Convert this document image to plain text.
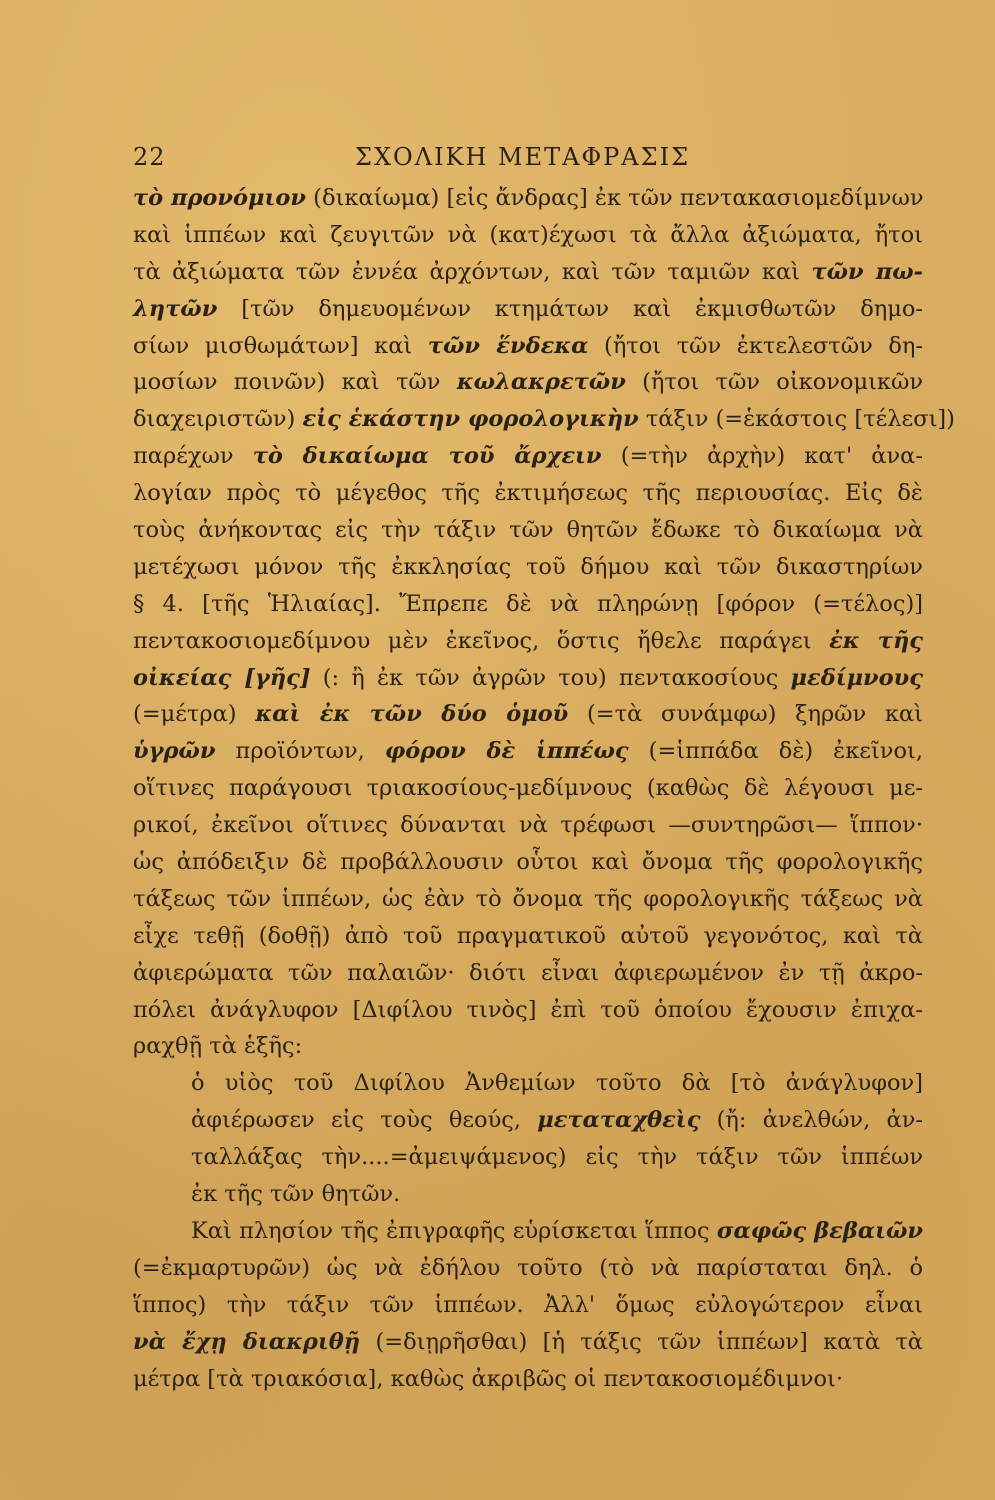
22	ΣΧΟΛΙΚΗ ΜΕΤΑΦΡΑΣΙΣ
τὸ προνόμιον (δικαίωμα) [εἰς ἄνδρας] ἐκ τῶν πεντακασιομεδίμνων
καὶ ἱππέων καὶ ζευγιτῶν νὰ (κατ)έχωσι τὰ ἄλλα ἀξιώματα, ἤτοι
τὰ ἀξιώματα τῶν ἐννέα ἀρχόντων, καὶ τῶν ταμιῶν καὶ τῶν πω-
λητῶν [τῶν δημευομένων κτημάτων καὶ ἐκμισθωτῶν δημο-
σίων μισθωμάτων] καὶ τῶν ἕνδεκα (ἤτοι τῶν ἐκτελεστῶν δη-
μοσίων ποινῶν) καὶ τῶν κωλακρετῶν (ἤτοι τῶν οἰκονομικῶν
διαχειριστῶν) εἰς ἑκάστην φορολογικὴν τάξιν (=ἑκάστοις [τέλεσι])
παρέχων τὸ δικαίωμα τοῦ ἄρχειν (=τὴν ἀρχὴν) κατ' ἀνα-
λογίαν πρὸς τὸ μέγεθος τῆς ἐκτιμήσεως τῆς περιουσίας. Εἰς δὲ
τοὺς ἀνήκοντας εἰς τὴν τάξιν τῶν θητῶν ἔδωκε τὸ δικαίωμα νὰ
μετέχωσι μόνον τῆς ἐκκλησίας τοῦ δήμου καὶ τῶν δικαστηρίων
§ 4. [τῆς Ἡλιαίας]. Ἔπρεπε δὲ νὰ πληρώνῃ [φόρον (=τέλος)]
πεντακοσιομεδίμνου μὲν ἐκεῖνος, ὅστις ἤθελε παράγει ἐκ τῆς
οἰκείας [γῆς] (: ἢ ἐκ τῶν ἀγρῶν του) πεντακοσίους μεδίμνους
(=μέτρα) καὶ ἐκ τῶν δύο ὁμοῦ (=τὰ συνάμφω) ξηρῶν καὶ
ὑγρῶν προϊόντων, φόρον δὲ ἱππέως (=ἱππάδα δὲ) ἐκεῖνοι,
οἵτινες παράγουσι τριακοσίους-μεδίμνους (καθὼς δὲ λέγουσι με-
ρικοί, ἐκεῖνοι οἵτινες δύνανται νὰ τρέφωσι —συντηρῶσι— ἵππον·
ὡς ἀπόδειξιν δὲ προβάλλουσιν οὗτοι καὶ ὄνομα τῆς φορολογικῆς
τάξεως τῶν ἱππέων, ὡς ἐὰν τὸ ὄνομα τῆς φορολογικῆς τάξεως νὰ
εἶχε τεθῇ (δοθῇ) ἀπὸ τοῦ πραγματικοῦ αὐτοῦ γεγονότος, καὶ τὰ
ἀφιερώματα τῶν παλαιῶν· διότι εἶναι ἀφιερωμένον ἐν τῇ ἀκρο-
πόλει ἀνάγλυφον [Διφίλου τινὸς] ἐπὶ τοῦ ὁποίου ἔχουσιν ἐπιχα-
ραχθῇ τὰ ἑξῆς:
ὁ υἱὸς τοῦ Διφίλου Ἀνθεμίων τοῦτο δὰ [τὸ ἀνάγλυφον]
ἀφιέρωσεν εἰς τοὺς θεούς, μεταταχθεὶς (ἤ: ἀνελθών, ἀν-
ταλλάξας τὴν....=ἀμειψάμενος) εἰς τὴν τάξιν τῶν ἱππέων
ἐκ τῆς τῶν θητῶν.
Καὶ πλησίον τῆς ἐπιγραφῆς εὑρίσκεται ἵππος σαφῶς βεβαιῶν
(=ἐκμαρτυρῶν) ὡς νὰ ἐδήλου τοῦτο (τὸ νὰ παρίσταται δηλ. ὁ
ἵππος) τὴν τάξιν τῶν ἱππέων. Ἀλλ' ὅμως εὐλογώτερον εἶναι
νὰ ἔχῃ διακριθῇ (=διῃρῆσθαι) [ἡ τάξις τῶν ἱππέων] κατὰ τὰ
μέτρα [τὰ τριακόσια], καθὼς ἀκριβῶς οἱ πεντακοσιομέδιμνοι·
